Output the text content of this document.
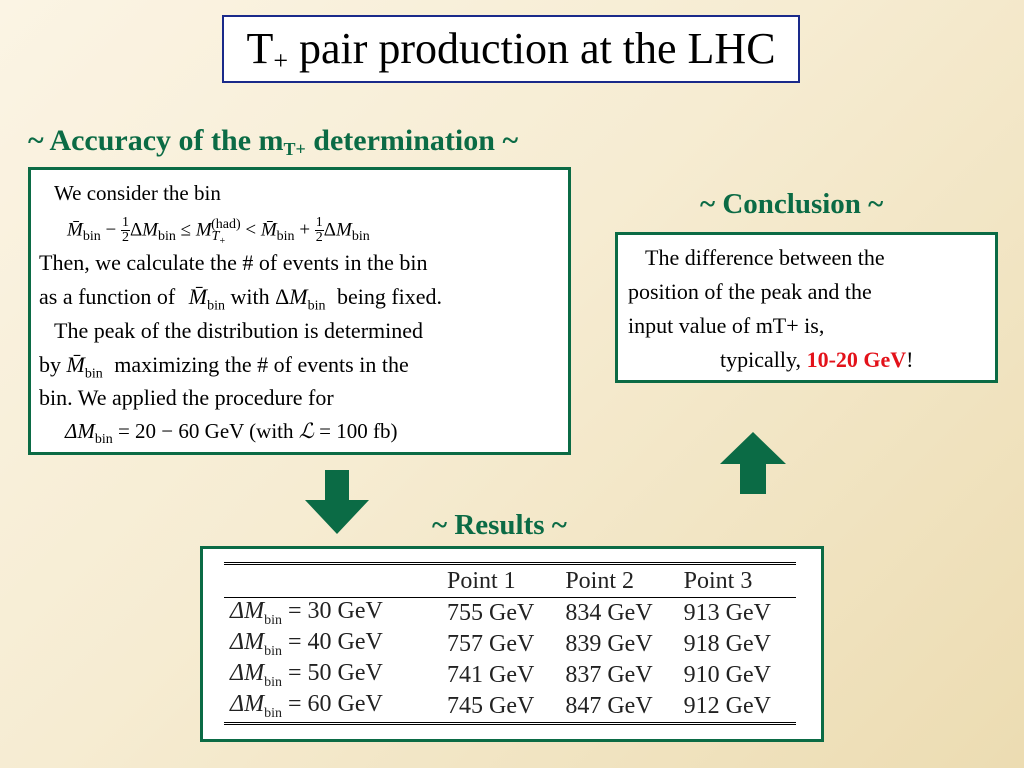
$T_+$ pair production at the LHC
~ Accuracy of the $m_{T+}$ determination ~
We consider the bin
$M̄_{bin} - \frac{1}{2} \Delta M_{bin} \le M_{T_+}^{(had)}$ < $M̄_{bin} + \frac{1}{2} \Delta M_{bin}$
Then, we calculate the # of events in the bin
as a function of $M̄_{bin}$ with $\Delta M_{bin}$ being fixed.
The peak of the distribution is determined
by $M̄_{bin}$ maximizing the # of events in the
bin. We applied the procedure for
$\Delta M_{bin} = 20 - 60$ GeV (with ℒ = 100 fb)
~ Conclusion ~
The difference between the
position of the peak and the
input value of mT+ is,
typically, 10-20 GeV!
~ Results ~
	Point 1	Point 2	Point 3
$\Delta M_{bin} = 30$ GeV	755 GeV	834 GeV	913 GeV
$\Delta M_{bin} = 40$ GeV	757 GeV	839 GeV	918 GeV
$\Delta M_{bin} = 50$ GeV	741 GeV	837 GeV	910 GeV
$\Delta M_{bin} = 60$ GeV	745 GeV	847 GeV	912 GeV
